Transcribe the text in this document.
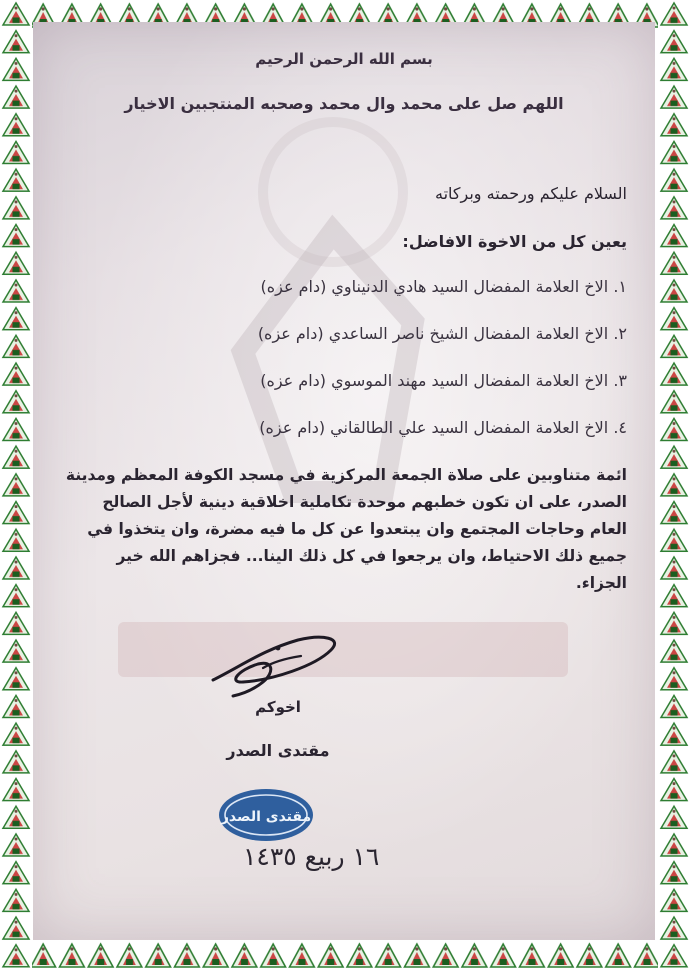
بسم الله الرحمن الرحيم
اللهم صل على محمد وال محمد وصحبه المنتجبين الاخيار
السلام عليكم ورحمته وبركاته
يعين كل من الاخوة الافاضل:
١. الاخ العلامة المفضال السيد هادي الدنيناوي (دام عزه)
٢. الاخ العلامة المفضال الشيخ ناصر الساعدي (دام عزه)
٣. الاخ العلامة المفضال السيد مهند الموسوي (دام عزه)
٤. الاخ العلامة المفضال السيد علي الطالقاني (دام عزه)
ائمة متناوبين على صلاة الجمعة المركزية في مسجد الكوفة المعظم ومدينة الصدر، على ان تكون خطبهم موحدة تكاملية اخلاقية دينية لأجل الصالح العام وحاجات المجتمع وان يبتعدوا عن كل ما فيه مضرة، وان يتخذوا في جميع ذلك الاحتياط، وان يرجعوا في كل ذلك الينا... فجزاهم الله خير الجزاء.
اخوكم
مقتدى الصدر
مقتدى الصدر
١٦ ربيع ١٤٣٥
